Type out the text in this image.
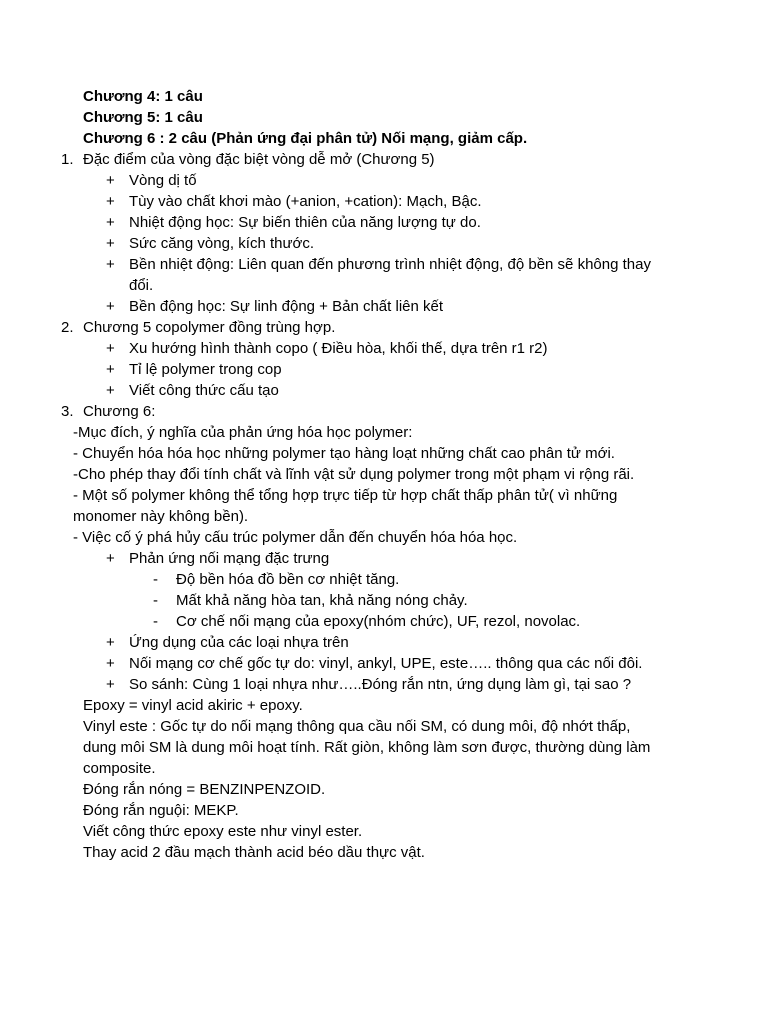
Chương 4: 1 câu
Chương 5: 1 câu
Chương 6 : 2 câu (Phản ứng đại phân tử) Nối mạng, giảm cấp.
1. Đặc điểm của vòng đặc biệt vòng dễ mở (Chương 5)
+ Vòng dị tố
+ Tùy vào chất khơi mào (+anion, +cation): Mạch, Bậc.
+ Nhiệt động học: Sự biến thiên của năng lượng tự do.
+ Sức căng vòng, kích thước.
+ Bền nhiệt động: Liên quan đến phương trình nhiệt động, độ bền sẽ không thay
đổi.
+ Bền động học: Sự linh động + Bản chất liên kết
2. Chương 5 copolymer đồng trùng hợp.
+ Xu hướng hình thành copo ( Điều hòa, khối thế, dựa trên r1 r2)
+ Tỉ lệ polymer trong cop
+ Viết công thức cấu tạo
3. Chương 6:
-Mục đích, ý nghĩa của phản ứng hóa học polymer:
- Chuyển hóa hóa học những polymer tạo hàng loạt những chất cao phân tử mới.
-Cho phép thay đổi tính chất và lĩnh vật sử dụng polymer trong một phạm vi rộng rãi.
- Một số polymer không thể tổng hợp trực tiếp từ hợp chất thấp phân tử( vì những
monomer này không bền).
- Việc cố ý phá hủy cấu trúc polymer dẫn đến chuyển hóa hóa học.
+ Phản ứng nối mạng đặc trưng
- Độ bền hóa đồ bền cơ nhiệt tăng.
- Mất khả năng hòa tan, khả năng nóng chảy.
- Cơ chế nối mạng của epoxy(nhóm chức), UF, rezol, novolac.
+ Ứng dụng của các loại nhựa trên
+ Nối mạng cơ chế gốc tự do: vinyl, ankyl, UPE, este….. thông qua các nối đôi.
+ So sánh: Cùng 1 loại nhựa như…..Đóng rắn ntn, ứng dụng làm gì, tại sao ?
Epoxy = vinyl acid akiric + epoxy.
Vinyl este : Gốc tự do nối mạng thông qua cầu nối SM, có dung môi, độ nhớt thấp,
dung môi SM là dung môi hoạt tính. Rất giòn, không làm sơn được, thường dùng làm
composite.
Đóng rắn nóng = BENZINPENZOID.
Đóng rắn nguội: MEKP.
Viết công thức epoxy este như vinyl ester.
Thay acid 2 đầu mạch thành acid béo dầu thực vật.
